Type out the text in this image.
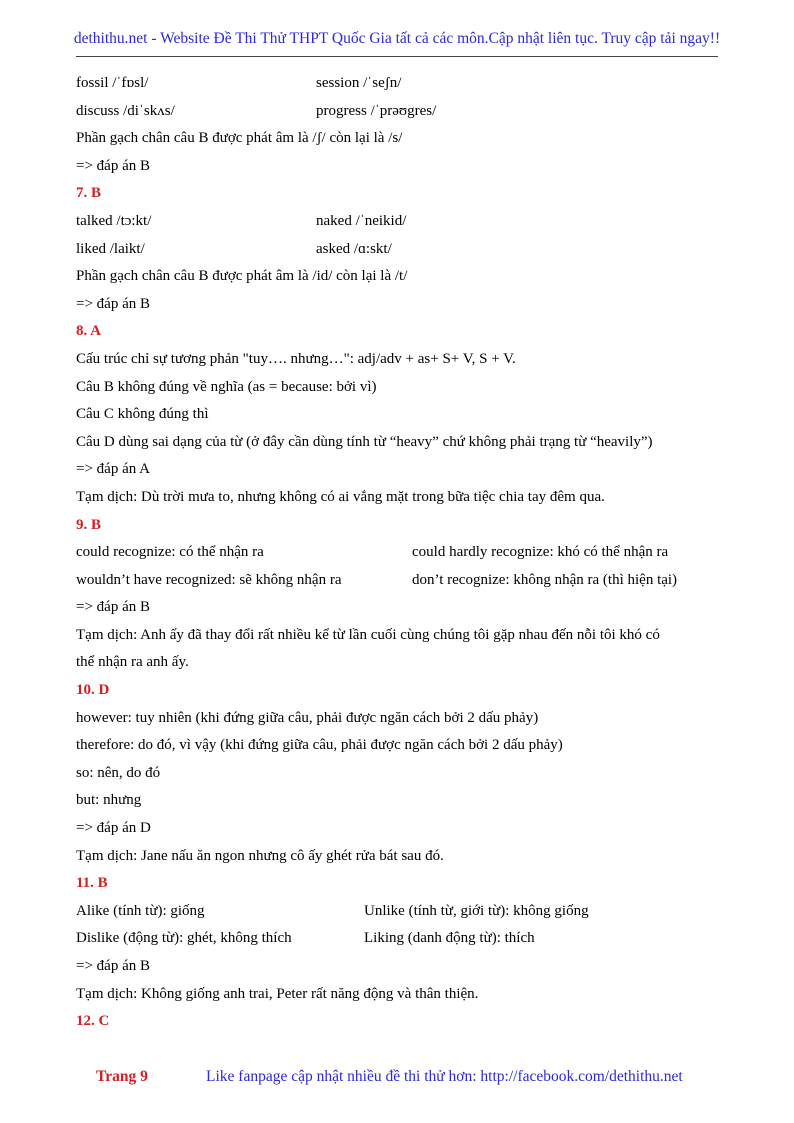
dethithu.net - Website Đề Thi Thử THPT Quốc Gia tất cả các môn.Cập nhật liên tục. Truy cập tải ngay!!
fossil /ˈfɒsl/	session /ˈseʃn/
discuss /diˈskʌs/	progress /ˈprəʊgres/
Phần gạch chân câu B được phát âm là /ʃ/ còn lại là /s/
=> đáp án B
7. B
talked /tɔ:kt/	naked /ˈneikid/
liked /laikt/	asked /ɑ:skt/
Phần gạch chân câu B được phát âm là /id/ còn lại là /t/
=> đáp án B
8. A
Cấu trúc chỉ sự tương phản "tuy…. nhưng…": adj/adv + as+ S+ V, S + V.
Câu B không đúng về nghĩa (as = because: bởi vì)
Câu C không đúng thì
Câu D dùng sai dạng của từ (ở đây cần dùng tính từ “heavy” chứ không phải trạng từ “heavily”)
=> đáp án A
Tạm dịch: Dù trời mưa to, nhưng không có ai vắng mặt trong bữa tiệc chia tay đêm qua.
9. B
could recognize: có thể nhận ra	could hardly recognize: khó có thể nhận ra
wouldn’t have recognized: sẽ không nhận ra	don’t recognize: không nhận ra (thì hiện tại)
=> đáp án B
Tạm dịch: Anh ấy đã thay đổi rất nhiều kể từ lần cuối cùng chúng tôi gặp nhau đến nỗi tôi khó có
thể nhận ra anh ấy.
10. D
however: tuy nhiên (khi đứng giữa câu, phải được ngăn cách bởi 2 dấu phảy)
therefore: do đó, vì vậy (khi đứng giữa câu, phải được ngăn cách bởi 2 dấu phảy)
so: nên, do đó
but: nhưng
=> đáp án D
Tạm dịch: Jane nấu ăn ngon nhưng cô ấy ghét rửa bát sau đó.
11. B
Alike (tính từ): giống	Unlike (tính từ, giới từ): không giống
Dislike (động từ): ghét, không thích	Liking (danh động từ): thích
=> đáp án B
Tạm dịch: Không giống anh trai, Peter rất năng động và thân thiện.
12. C
Trang 9	Like fanpage cập nhật nhiều đề thi thử hơn: http://facebook.com/dethithu.net
